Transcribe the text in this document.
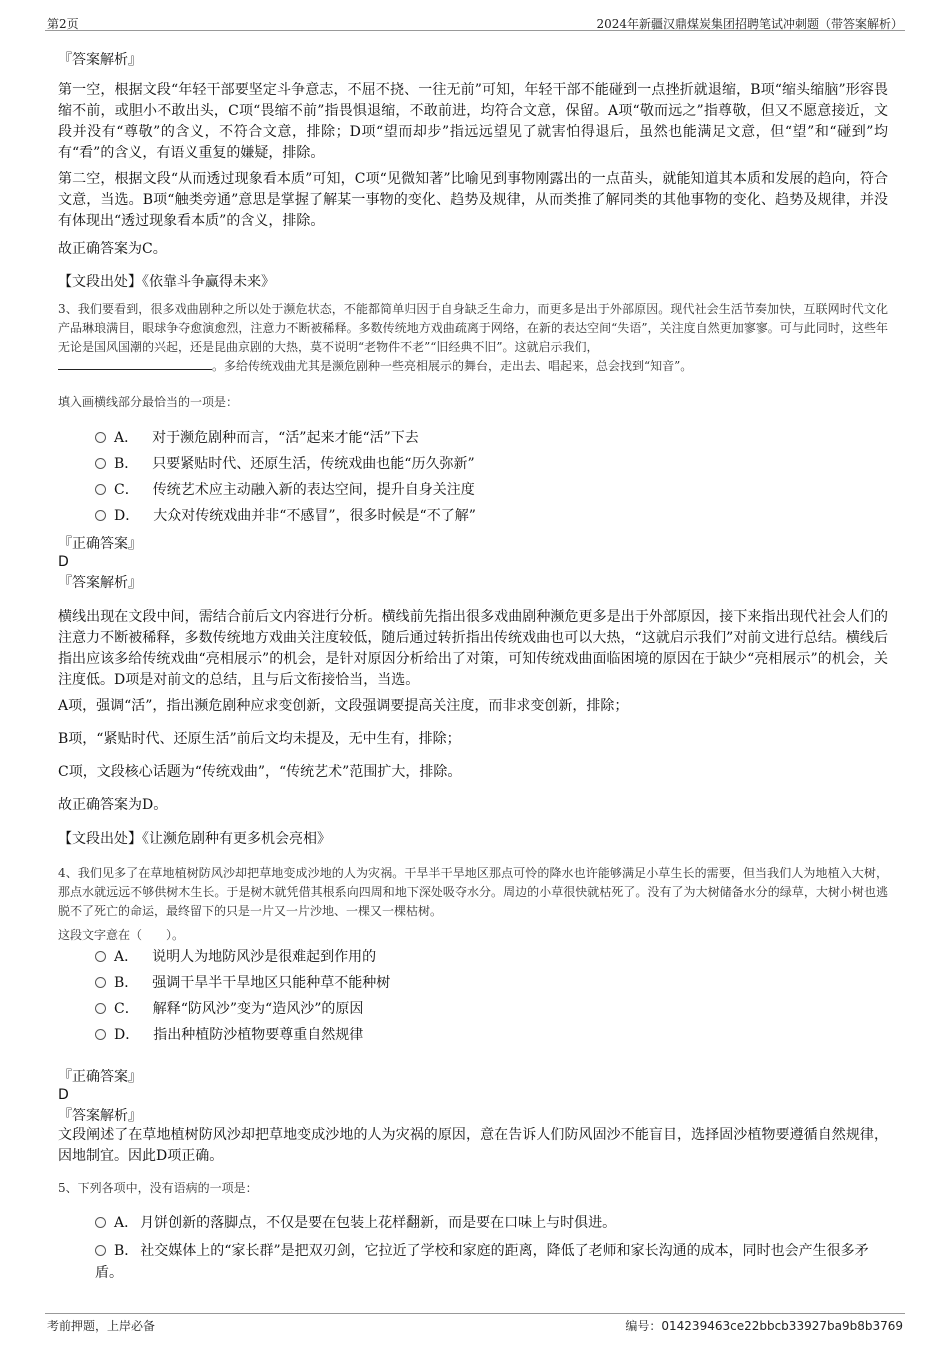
第2页	2024年新疆汉鼎煤炭集团招聘笔试冲刺题（带答案解析）
『答案解析』
第一空，根据文段“年轻干部要坚定斗争意志，不屈不挠、一往无前”可知，年轻干部不能碰到一点挫折就退缩，B项“缩头缩脑”形容畏缩不前，或胆小不敢出头，C项“畏缩不前”指畏惧退缩，不敢前进，均符合文意，保留。A项“敬而远之”指尊敬，但又不愿意接近，文段并没有“尊敬”的含义，不符合文意，排除；D项“望而却步”指远远望见了就害怕得退后，虽然也能满足文意，但“望”和“碰到”均有“看”的含义，有语义重复的嫌疑，排除。
第二空，根据文段“从而透过现象看本质”可知，C项“见微知著”比喻见到事物刚露出的一点苗头，就能知道其本质和发展的趋向，符合文意，当选。B项“触类旁通”意思是掌握了解某一事物的变化、趋势及规律，从而类推了解同类的其他事物的变化、趋势及规律，并没有体现出“透过现象看本质”的含义，排除。
故正确答案为C。
【文段出处】《依靠斗争赢得未来》
3、我们要看到，很多戏曲剧种之所以处于濒危状态，不能都简单归因于自身缺乏生命力，而更多是出于外部原因。现代社会生活节奏加快，互联网时代文化产品琳琅满目，眼球争夺愈演愈烈，注意力不断被稀释。多数传统地方戏曲疏离于网络，在新的表达空间“失语”，关注度自然更加寥寥。可与此同时，这些年无论是国风国潮的兴起，还是昆曲京剧的大热，莫不说明“老物件不老”“旧经典不旧”。这就启示我们，
。多给传统戏曲尤其是濒危剧种一些亮相展示的舞台，走出去、唱起来，总会找到“知音”。
填入画横线部分最恰当的一项是：
A． 对于濒危剧种而言，“活”起来才能“活”下去
B． 只要紧贴时代、还原生活，传统戏曲也能“历久弥新”
C． 传统艺术应主动融入新的表达空间，提升自身关注度
D． 大众对传统戏曲并非“不感冒”，很多时候是“不了解”
『正确答案』
D
『答案解析』
横线出现在文段中间，需结合前后文内容进行分析。横线前先指出很多戏曲剧种濒危更多是出于外部原因，接下来指出现代社会人们的注意力不断被稀释，多数传统地方戏曲关注度较低，随后通过转折指出传统戏曲也可以大热，“这就启示我们”对前文进行总结。横线后指出应该多给传统戏曲“亮相展示”的机会，是针对原因分析给出了对策，可知传统戏曲面临困境的原因在于缺少“亮相展示”的机会，关注度低。D项是对前文的总结，且与后文衔接恰当，当选。
A项，强调“活”，指出濒危剧种应求变创新，文段强调要提高关注度，而非求变创新，排除；
B项，“紧贴时代、还原生活”前后文均未提及，无中生有，排除；
C项，文段核心话题为“传统戏曲”，“传统艺术”范围扩大，排除。
故正确答案为D。
【文段出处】《让濒危剧种有更多机会亮相》
4、我们见多了在草地植树防风沙却把草地变成沙地的人为灾祸。干旱半干旱地区那点可怜的降水也许能够满足小草生长的需要，但当我们人为地植入大树，那点水就远远不够供树木生长。于是树木就凭借其根系向四周和地下深处吸夺水分。周边的小草很快就枯死了。没有了为大树储备水分的绿草，大树小树也逃脱不了死亡的命运，最终留下的只是一片又一片沙地、一棵又一棵枯树。
这段文字意在（　　）。
A． 说明人为地防风沙是很难起到作用的
B． 强调干旱半干旱地区只能种草不能种树
C． 解释“防风沙”变为“造风沙”的原因
D． 指出种植防沙植物要尊重自然规律
『正确答案』
D
『答案解析』
文段阐述了在草地植树防风沙却把草地变成沙地的人为灾祸的原因，意在告诉人们防风固沙不能盲目，选择固沙植物要遵循自然规律，因地制宜。因此D项正确。
5、下列各项中，没有语病的一项是：
A． 月饼创新的落脚点，不仅是要在包装上花样翻新，而是要在口味上与时俱进。
B． 社交媒体上的“家长群”是把双刃剑，它拉近了学校和家庭的距离，降低了老师和家长沟通的成本，同时也会产生很多矛盾。
考前押题，上岸必备	编号：014239463ce22bbcb33927ba9b8b3769
